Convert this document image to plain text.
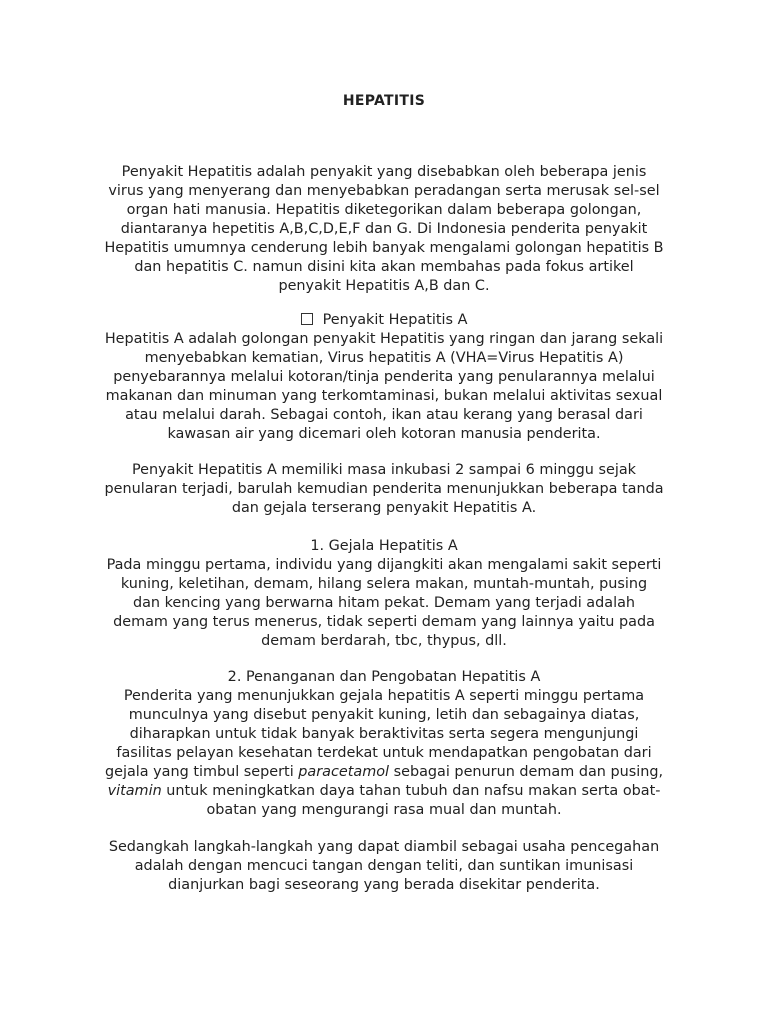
HEPATITIS
Penyakit Hepatitis adalah penyakit yang disebabkan oleh beberapa jenis
virus yang menyerang dan menyebabkan peradangan serta merusak sel-sel
organ hati manusia. Hepatitis diketegorikan dalam beberapa golongan,
diantaranya hepetitis A,B,C,D,E,F dan G. Di Indonesia penderita penyakit
Hepatitis umumnya cenderung lebih banyak mengalami golongan hepatitis B
dan hepatitis C. namun disini kita akan membahas pada fokus artikel
penyakit Hepatitis A,B dan C.
Penyakit Hepatitis A
Hepatitis A adalah golongan penyakit Hepatitis yang ringan dan jarang sekali
menyebabkan kematian, Virus hepatitis A (VHA=Virus Hepatitis A)
penyebarannya melalui kotoran/tinja penderita yang penularannya melalui
makanan dan minuman yang terkomtaminasi, bukan melalui aktivitas sexual
atau melalui darah. Sebagai contoh, ikan atau kerang yang berasal dari
kawasan air yang dicemari oleh kotoran manusia penderita.
Penyakit Hepatitis A memiliki masa inkubasi 2 sampai 6 minggu sejak
penularan terjadi, barulah kemudian penderita menunjukkan beberapa tanda
dan gejala terserang penyakit Hepatitis A.
1. Gejala Hepatitis A
Pada minggu pertama, individu yang dijangkiti akan mengalami sakit seperti
kuning, keletihan, demam, hilang selera makan, muntah-muntah, pusing
dan kencing yang berwarna hitam pekat. Demam yang terjadi adalah
demam yang terus menerus, tidak seperti demam yang lainnya yaitu pada
demam berdarah, tbc, thypus, dll.
2. Penanganan dan Pengobatan Hepatitis A
Penderita yang menunjukkan gejala hepatitis A seperti minggu pertama
munculnya yang disebut penyakit kuning, letih dan sebagainya diatas,
diharapkan untuk tidak banyak beraktivitas serta segera mengunjungi
fasilitas pelayan kesehatan terdekat untuk mendapatkan pengobatan dari
gejala yang timbul seperti paracetamol sebagai penurun demam dan pusing,
vitamin untuk meningkatkan daya tahan tubuh dan nafsu makan serta obat-
obatan yang mengurangi rasa mual dan muntah.
Sedangkah langkah-langkah yang dapat diambil sebagai usaha pencegahan
adalah dengan mencuci tangan dengan teliti, dan suntikan imunisasi
dianjurkan bagi seseorang yang berada disekitar penderita.
